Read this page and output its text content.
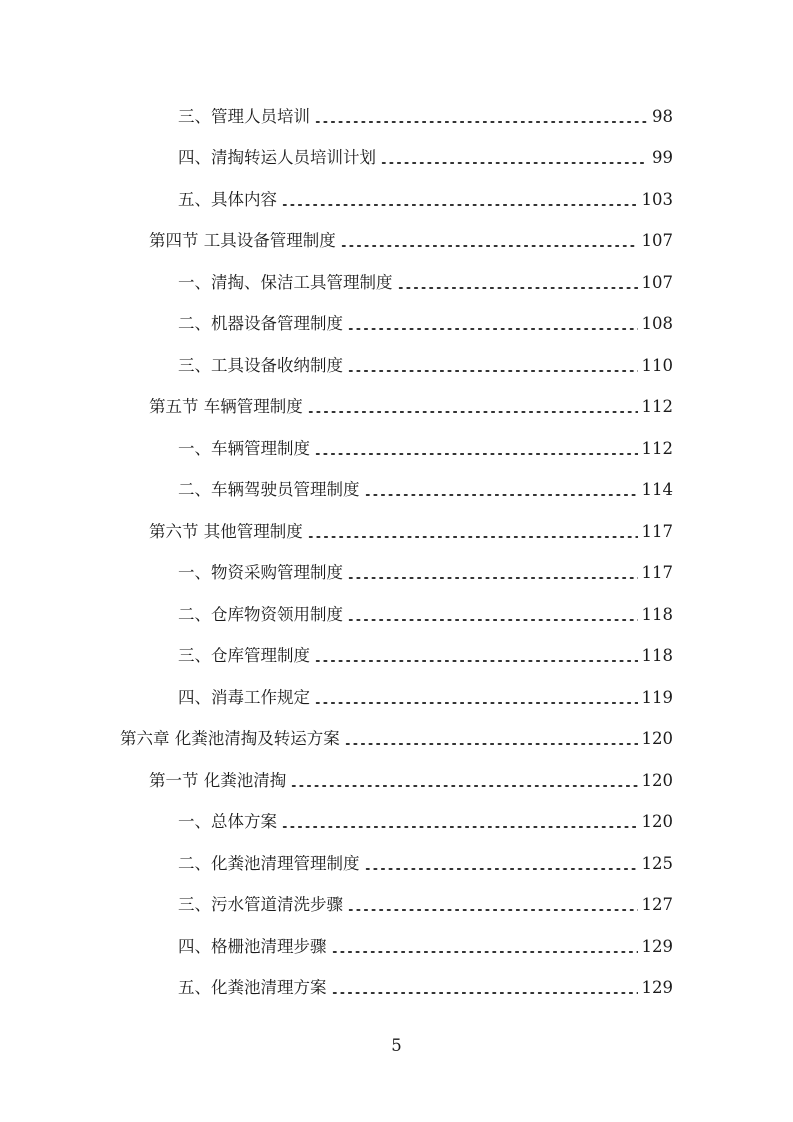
三、管理人员培训	98
四、清掏转运人员培训计划	99
五、具体内容	103
第四节 工具设备管理制度	107
一、清掏、保洁工具管理制度	107
二、机器设备管理制度	108
三、工具设备收纳制度	110
第五节 车辆管理制度	112
一、车辆管理制度	112
二、车辆驾驶员管理制度	114
第六节 其他管理制度	117
一、物资采购管理制度	117
二、仓库物资领用制度	118
三、仓库管理制度	118
四、消毒工作规定	119
第六章 化粪池清掏及转运方案	120
第一节 化粪池清掏	120
一、总体方案	120
二、化粪池清理管理制度	125
三、污水管道清洗步骤	127
四、格栅池清理步骤	129
五、化粪池清理方案	129
5
